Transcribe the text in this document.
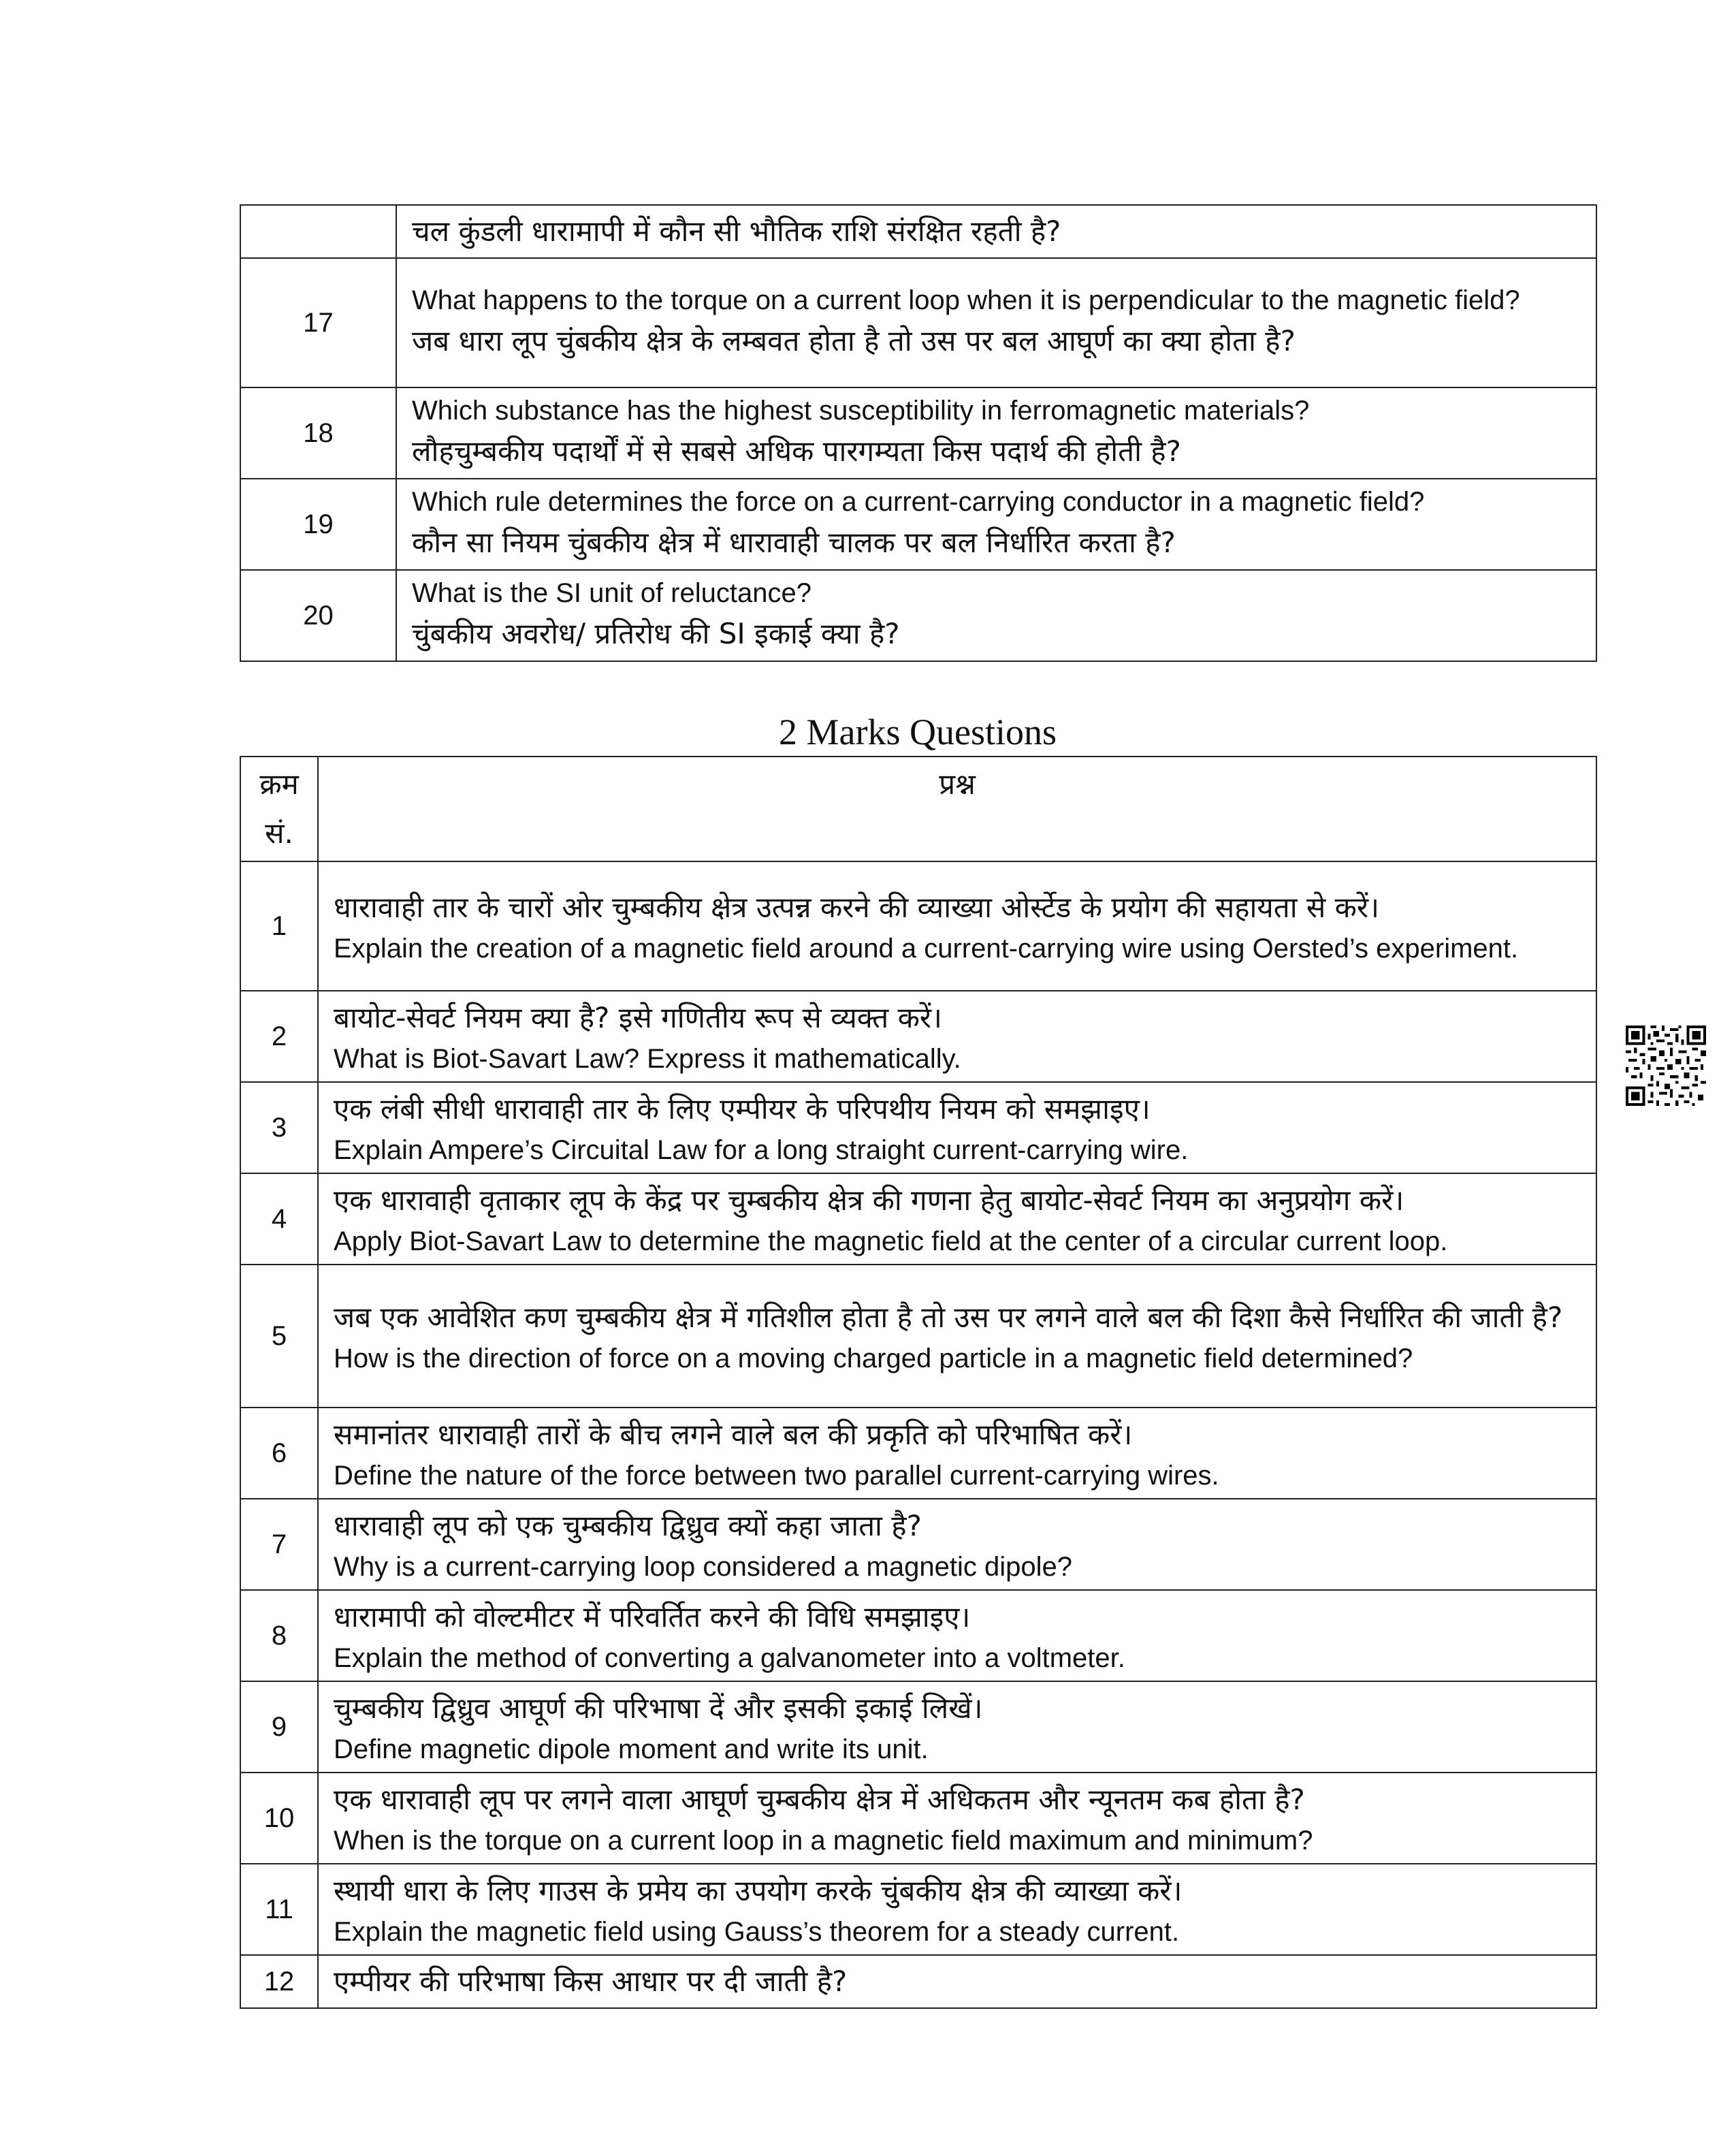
	चल कुंडली धारामापी में कौन सी भौतिक राशि संरक्षित रहती है?

17	What happens to the torque on a current loop when it is perpendicular to the magnetic field?
जब धारा लूप चुंबकीय क्षेत्र के लम्बवत होता है तो उस पर बल आघूर्ण का क्या होता है?

18	Which substance has the highest susceptibility in ferromagnetic materials?
लौहचुम्बकीय पदार्थों में से सबसे अधिक पारगम्यता किस पदार्थ की होती है?

19	Which rule determines the force on a current-carrying conductor in a magnetic field?
कौन सा नियम चुंबकीय क्षेत्र में धारावाही चालक पर बल निर्धारित करता है?

20	What is the SI unit of reluctance?
चुंबकीय अवरोध/ प्रतिरोध की SI इकाई क्या है?
2 Marks Questions
क्रम
सं.	प्रश्न
1	धारावाही तार के चारों ओर चुम्बकीय क्षेत्र उत्पन्न करने की व्याख्या ओर्स्टेड के प्रयोग की सहायता से करें।
Explain the creation of a magnetic field around a current-carrying wire using Oersted’s experiment.

2	बायोट-सेवर्ट नियम क्या है? इसे गणितीय रूप से व्यक्त करें।
What is Biot-Savart Law? Express it mathematically.

3	एक लंबी सीधी धारावाही तार के लिए एम्पीयर के परिपथीय नियम को समझाइए।
Explain Ampere’s Circuital Law for a long straight current-carrying wire.

4	एक धारावाही वृताकार लूप के केंद्र पर चुम्बकीय क्षेत्र की गणना हेतु बायोट-सेवर्ट नियम का अनुप्रयोग करें।
Apply Biot-Savart Law to determine the magnetic field at the center of a circular current loop.

5	जब एक आवेशित कण चुम्बकीय क्षेत्र में गतिशील होता है तो उस पर लगने वाले बल की दिशा कैसे निर्धारित की जाती है?
How is the direction of force on a moving charged particle in a magnetic field determined?

6	समानांतर धारावाही तारों के बीच लगने वाले बल की प्रकृति को परिभाषित करें।
Define the nature of the force between two parallel current-carrying wires.

7	धारावाही लूप को एक चुम्बकीय द्विध्रुव क्यों कहा जाता है?
Why is a current-carrying loop considered a magnetic dipole?

8	धारामापी को वोल्टमीटर में परिवर्तित करने की विधि समझाइए।
Explain the method of converting a galvanometer into a voltmeter.

9	चुम्बकीय द्विध्रुव आघूर्ण की परिभाषा दें और इसकी इकाई लिखें।
Define magnetic dipole moment and write its unit.

10	एक धारावाही लूप पर लगने वाला आघूर्ण चुम्बकीय क्षेत्र में अधिकतम और न्यूनतम कब होता है?
When is the torque on a current loop in a magnetic field maximum and minimum?

11	स्थायी धारा के लिए गाउस के प्रमेय का उपयोग करके चुंबकीय क्षेत्र की व्याख्या करें।
Explain the magnetic field using Gauss’s theorem for a steady current.

12	एम्पीयर की परिभाषा किस आधार पर दी जाती है?
